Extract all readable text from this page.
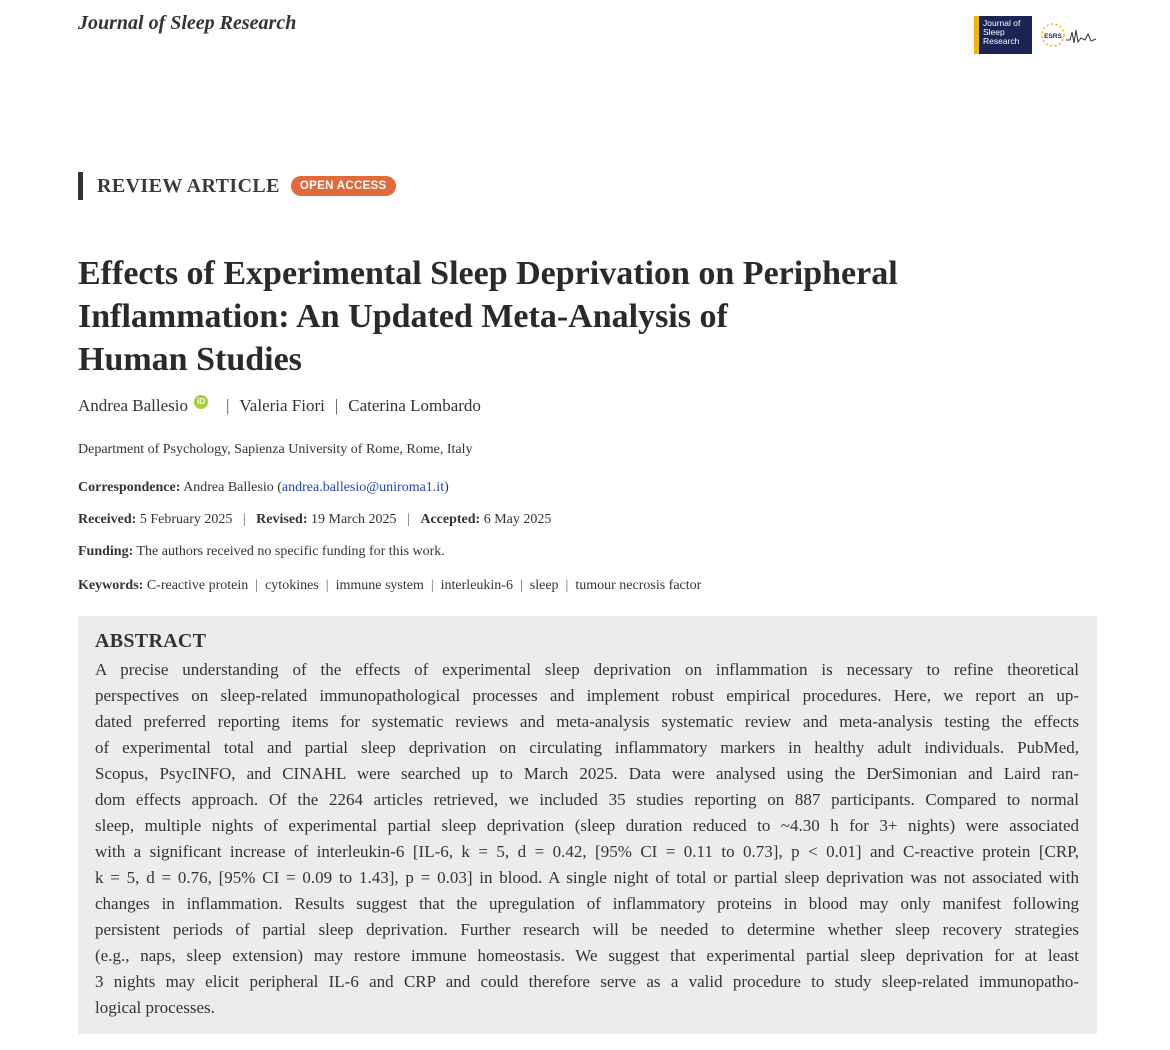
Journal of Sleep Research	Journal of
Sleep
Research	ESRS
REVIEW ARTICLE	OPEN ACCESS
Effects of Experimental Sleep Deprivation on Peripheral
Inflammation: An Updated Meta-Analysis of
Human Studies
Andrea Ballesio	iD | Valeria Fiori | Caterina Lombardo
Department of Psychology, Sapienza University of Rome, Rome, Italy
Correspondence: Andrea Ballesio (andrea.ballesio@uniroma1.it)
Received: 5 February 2025 | Revised: 19 March 2025 | Accepted: 6 May 2025
Funding: The authors received no specific funding for this work.
Keywords: C-reactive protein | cytokines | immune system | interleukin-6 | sleep | tumour necrosis factor
ABSTRACT

A precise understanding of the effects of experimental sleep deprivation on inflammation is necessary to refine theoretical
perspectives on sleep-related immunopathological processes and implement robust empirical procedures. Here, we report an up-
dated preferred reporting items for systematic reviews and meta-analysis systematic review and meta-analysis testing the effects
of experimental total and partial sleep deprivation on circulating inflammatory markers in healthy adult individuals. PubMed,
Scopus, PsycINFO, and CINAHL were searched up to March 2025. Data were analysed using the DerSimonian and Laird ran-
dom effects approach. Of the 2264 articles retrieved, we included 35 studies reporting on 887 participants. Compared to normal
sleep, multiple nights of experimental partial sleep deprivation (sleep duration reduced to ~4.30 h for 3+ nights) were associated
with a significant increase of interleukin-6 [IL-6, k = 5, d = 0.42, [95% CI = 0.11 to 0.73], p < 0.01] and C-reactive protein [CRP,
k = 5, d = 0.76, [95% CI = 0.09 to 1.43], p = 0.03] in blood. A single night of total or partial sleep deprivation was not associated with
changes in inflammation. Results suggest that the upregulation of inflammatory proteins in blood may only manifest following
persistent periods of partial sleep deprivation. Further research will be needed to determine whether sleep recovery strategies
(e.g., naps, sleep extension) may restore immune homeostasis. We suggest that experimental partial sleep deprivation for at least
3 nights may elicit peripheral IL-6 and CRP and could therefore serve as a valid procedure to study sleep-related immunopatho-
logical processes.
